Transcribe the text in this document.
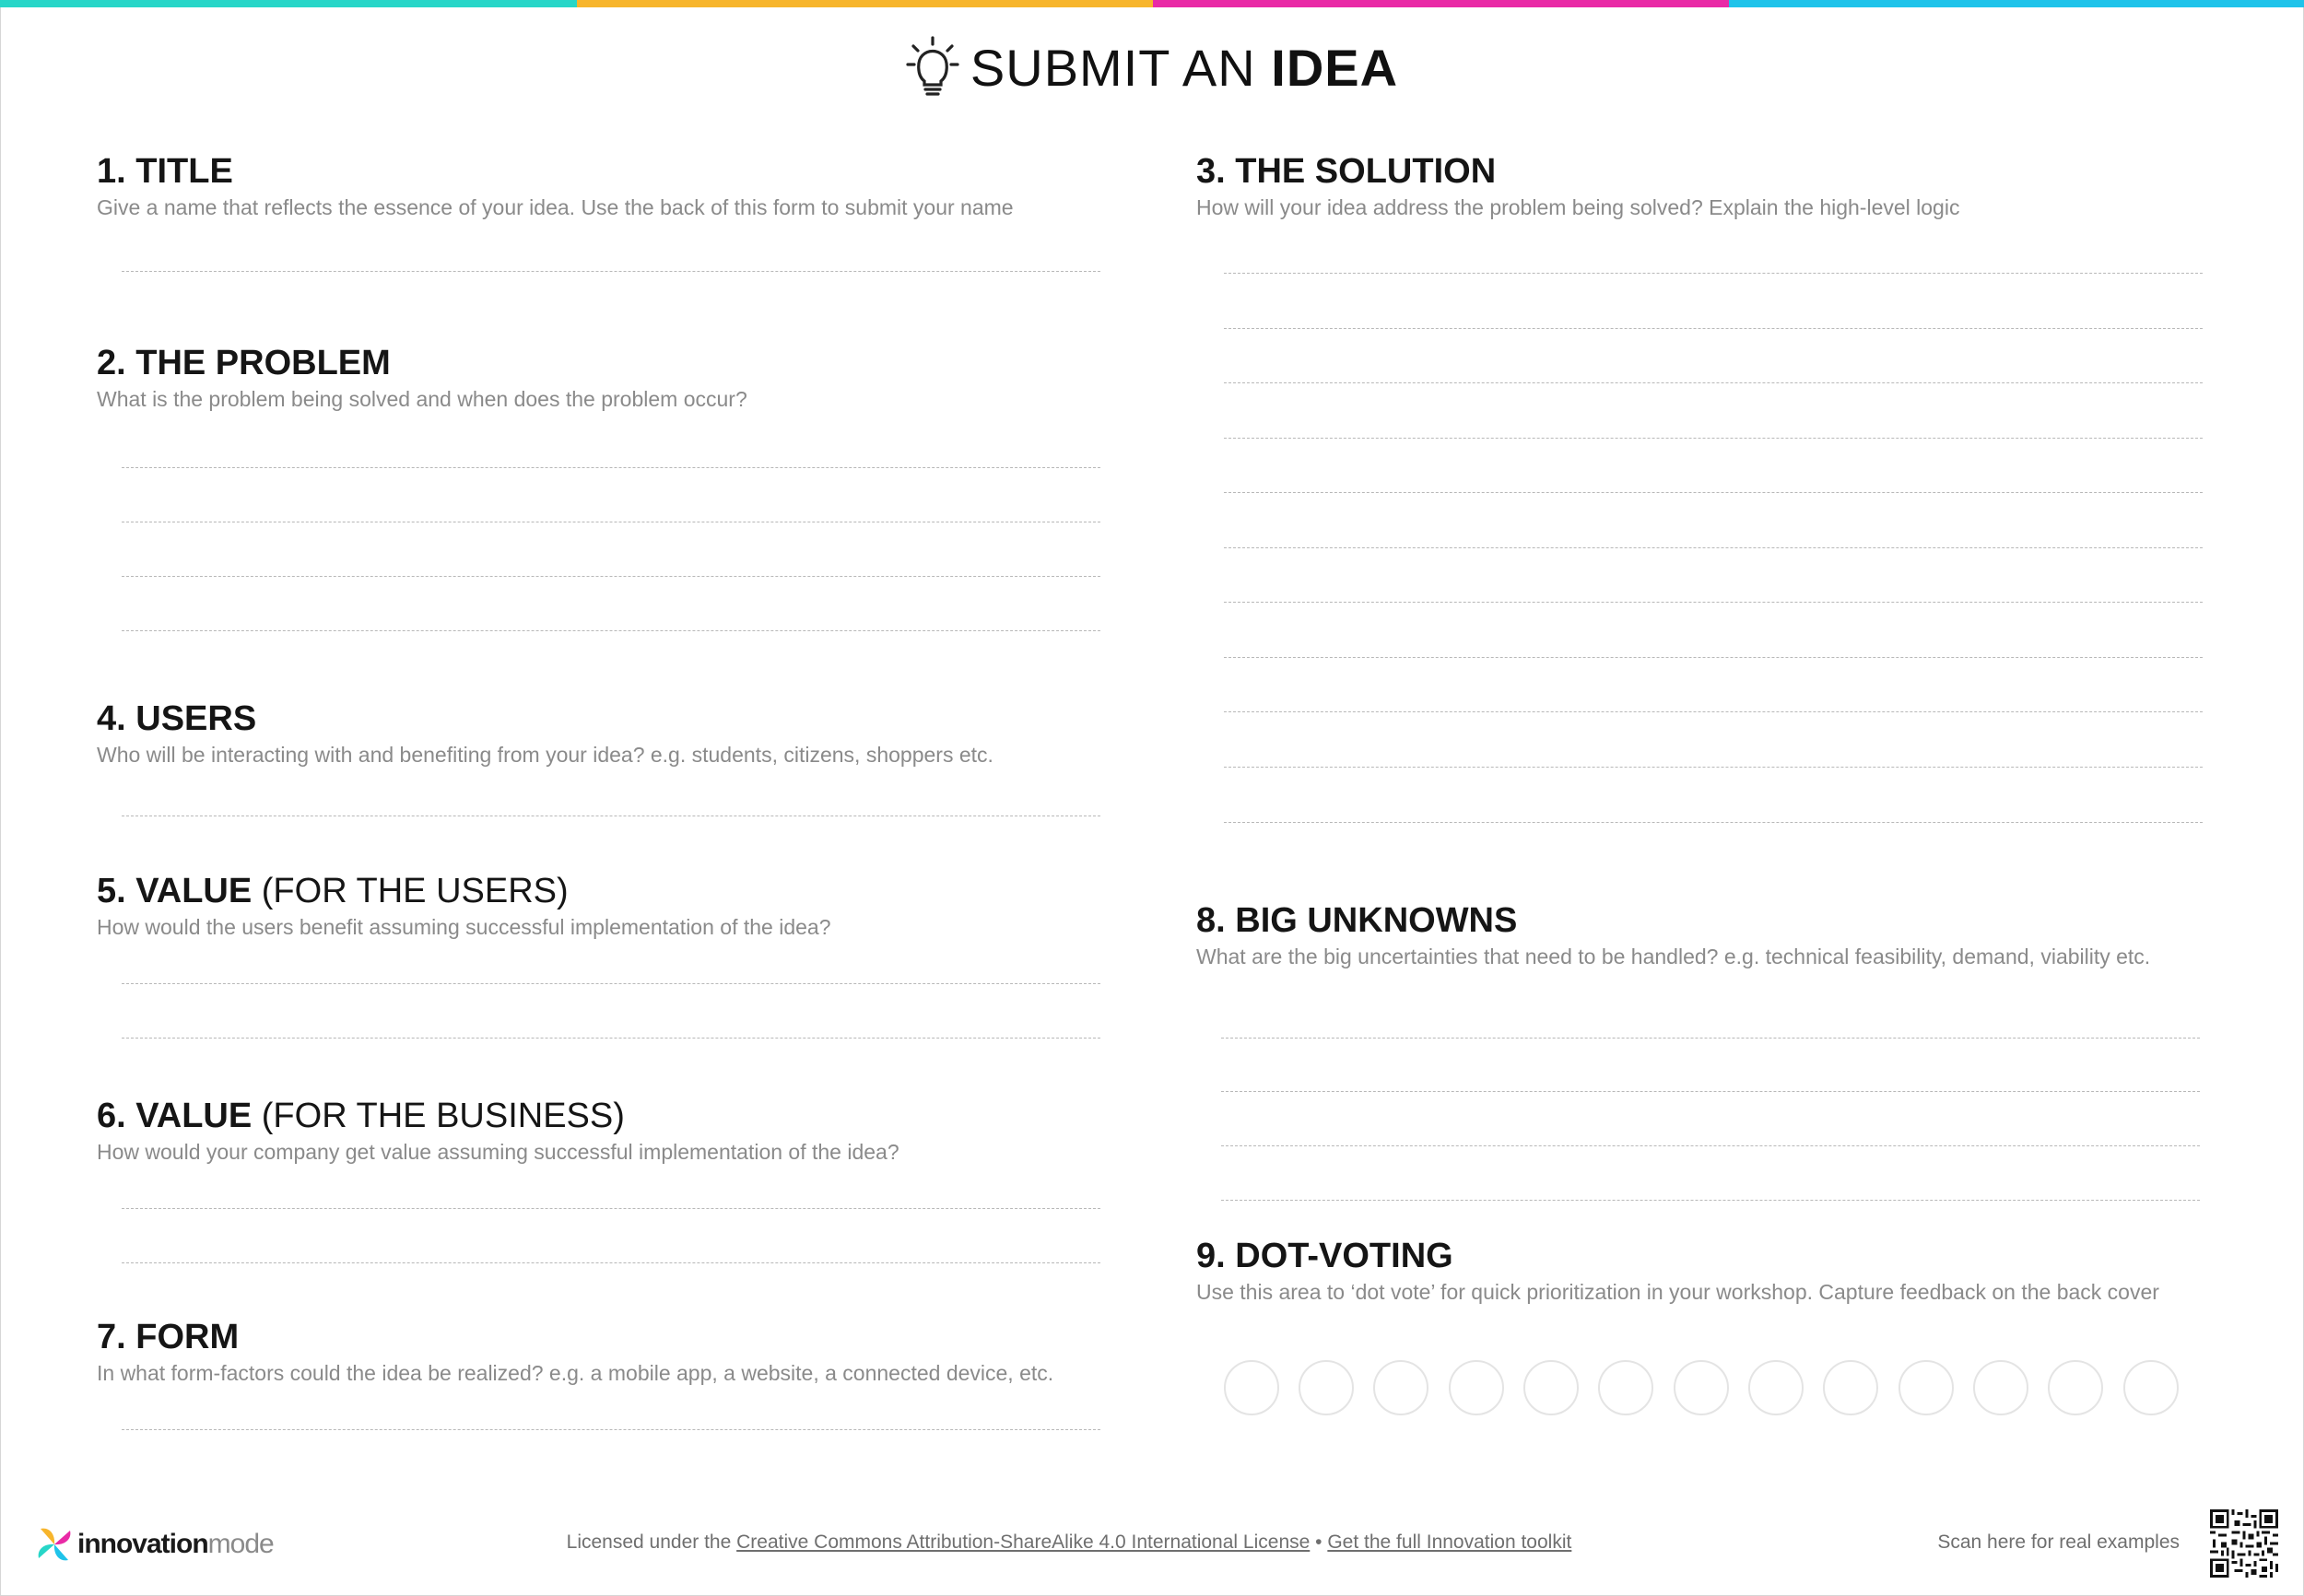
SUBMIT AN IDEA
1. TITLE

Give a name that reflects the essence of your idea. Use the back of this form to submit your name

2. THE PROBLEM

What is the problem being solved and when does the problem occur?

4. USERS

Who will be interacting with and benefiting from your idea? e.g. students, citizens, shoppers etc.

5. VALUE (FOR THE USERS)

How would the users benefit assuming successful implementation of the idea?

6. VALUE (FOR THE BUSINESS)

How would your company get value assuming successful implementation of the idea?

7. FORM

In what form-factors could the idea be realized? e.g. a mobile app, a website, a connected device, etc.

3. THE SOLUTION

How will your idea address the problem being solved? Explain the high-level logic

8. BIG UNKNOWNS

What are the big uncertainties that need to be handled? e.g. technical feasibility, demand, viability etc.

9. DOT-VOTING

Use this area to ‘dot vote’ for quick prioritization in your workshop. Capture feedback on the back cover

innovation mode	Licensed under the Creative Commons Attribution-ShareAlike 4.0 International License • Get the full Innovation toolkit	Scan here for real examples
